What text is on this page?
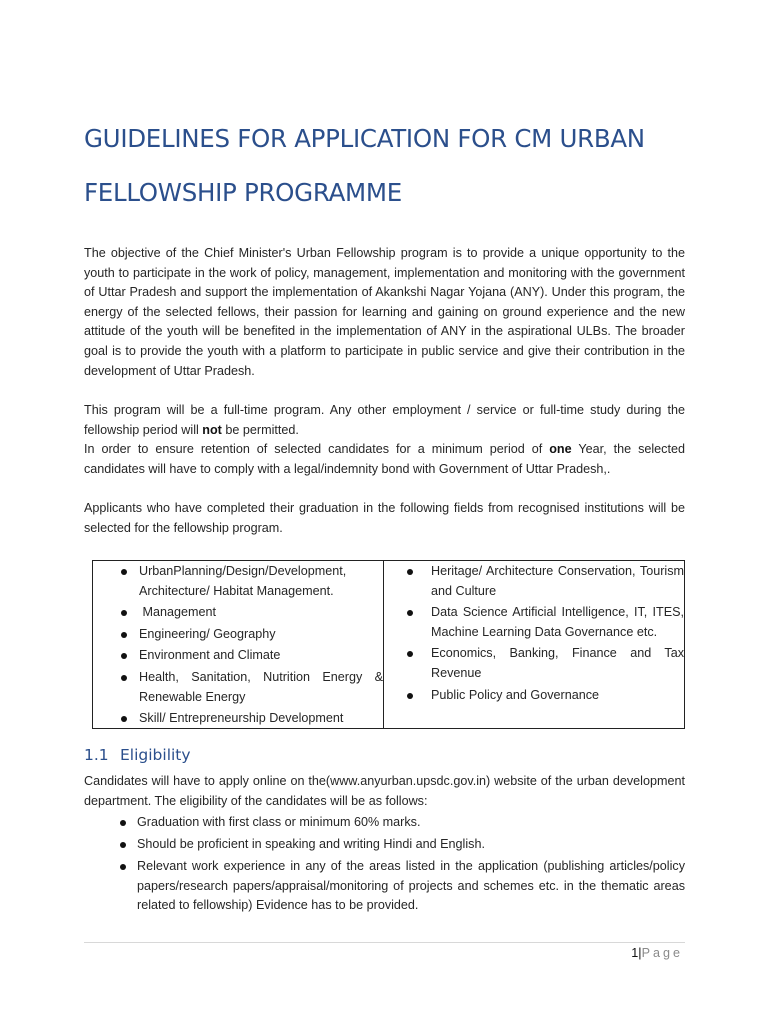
GUIDELINES FOR APPLICATION FOR CM URBAN
FELLOWSHIP PROGRAMME

The objective of the Chief Minister's Urban Fellowship program is to provide a unique opportunity to the youth to participate in the work of policy, management, implementation and monitoring with the government of Uttar Pradesh and support the implementation of Akankshi Nagar Yojana (ANY). Under this program, the energy of the selected fellows, their passion for learning and gaining on ground experience and the new attitude of the youth will be benefited in the implementation of ANY in the aspirational ULBs. The broader goal is to provide the youth with a platform to participate in public service and give their contribution in the development of Uttar Pradesh.

This program will be a full-time program. Any other employment / service or full-time study during the fellowship period will not be permitted.

In order to ensure retention of selected candidates for a minimum period of one Year, the selected candidates will have to comply with a legal/indemnity bond with Government of Uttar Pradesh,.

Applicants who have completed their graduation in the following fields from recognised institutions will be selected for the fellowship program.

UrbanPlanning/Design/Development, Architecture/ Habitat Management.
Management
Engineering/ Geography
Environment and Climate
Health, Sanitation, Nutrition Energy & Renewable Energy
Skill/ Entrepreneurship Development
Heritage/ Architecture Conservation, Tourism and Culture
Data Science Artificial Intelligence, IT, ITES, Machine Learning Data Governance etc.
Economics, Banking, Finance and Tax Revenue
Public Policy and Governance
1.1 Eligibility

Candidates will have to apply online on the(www.anyurban.upsdc.gov.in) website of the urban development department. The eligibility of the candidates will be as follows:

Graduation with first class or minimum 60% marks.
Should be proficient in speaking and writing Hindi and English.
Relevant work experience in any of the areas listed in the application (publishing articles/policy papers/research papers/appraisal/monitoring of projects and schemes etc. in the thematic areas related to fellowship) Evidence has to be provided.
1|Page
